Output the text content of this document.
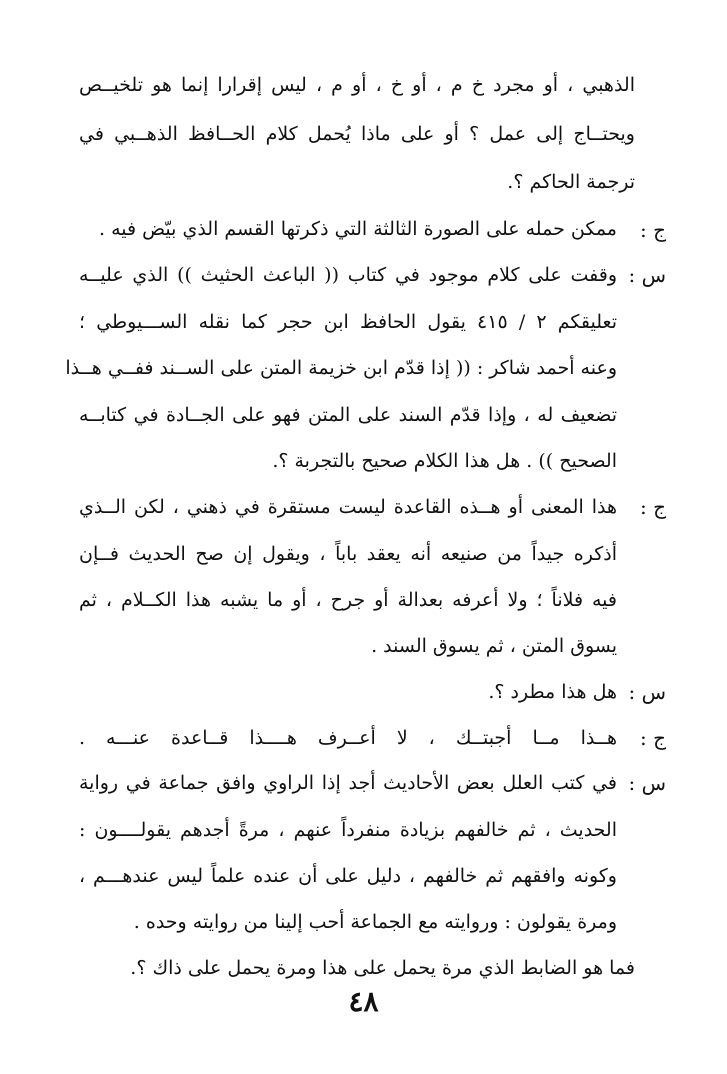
الذهبي ، أو مجرد خ م ، أو خ ، أو م ، ليس إقرارا إنما هو تلخيــص
ويحتــاج إلى عمل ؟ أو على ماذا يُحمل كلام الحــافظ الذهــبي في
ترجمة الحاكم ؟.
ج :
ممكن حمله على الصورة الثالثة التي ذكرتها القسم الذي بيّض فيه .
س :
وقفت على كلام موجود في كتاب (( الباعث الحثيث )) الذي عليــه
تعليقكم ٢ / ٤١٥ يقول الحافظ ابن حجر كما نقله الســـيوطي ؛
وعنه أحمد شاكر : (( إذا قدّم ابن خزيمة المتن على الســند ففــي هــذا
تضعيف له ، وإذا قدّم السند على المتن فهو على الجــادة في كتابــه
الصحيح )) . هل هذا الكلام صحيح بالتجربة ؟.
ج :
هذا المعنى أو هــذه القاعدة ليست مستقرة في ذهني ، لكن الــذي
أذكره جيداً من صنيعه أنه يعقد باباً ، ويقول إن صح الحديث فــإن
فيه فلاناً ؛ ولا أعرفه بعدالة أو جرح ، أو ما يشبه هذا الكــلام ، ثم
يسوق المتن ، ثم يسوق السند .
س :
هل هذا مطرد ؟.
ج :
هــذا مــا أجبتــك ، لا أعــرف هــــذا قــاعدة عنـــه .
س :
في كتب العلل بعض الأحاديث أجد إذا الراوي وافق جماعة في رواية
الحديث ، ثم خالفهم بزيادة منفرداً عنهم ، مرةً أجدهم يقولــــون :
وكونه وافقهم ثم خالفهم ، دليل على أن عنده علماً ليس عندهـــم ،
ومرة يقولون : وروايته مع الجماعة أحب إلينا من روايته وحده .
فما هو الضابط الذي مرة يحمل على هذا ومرة يحمل على ذاك ؟.
٤٨
